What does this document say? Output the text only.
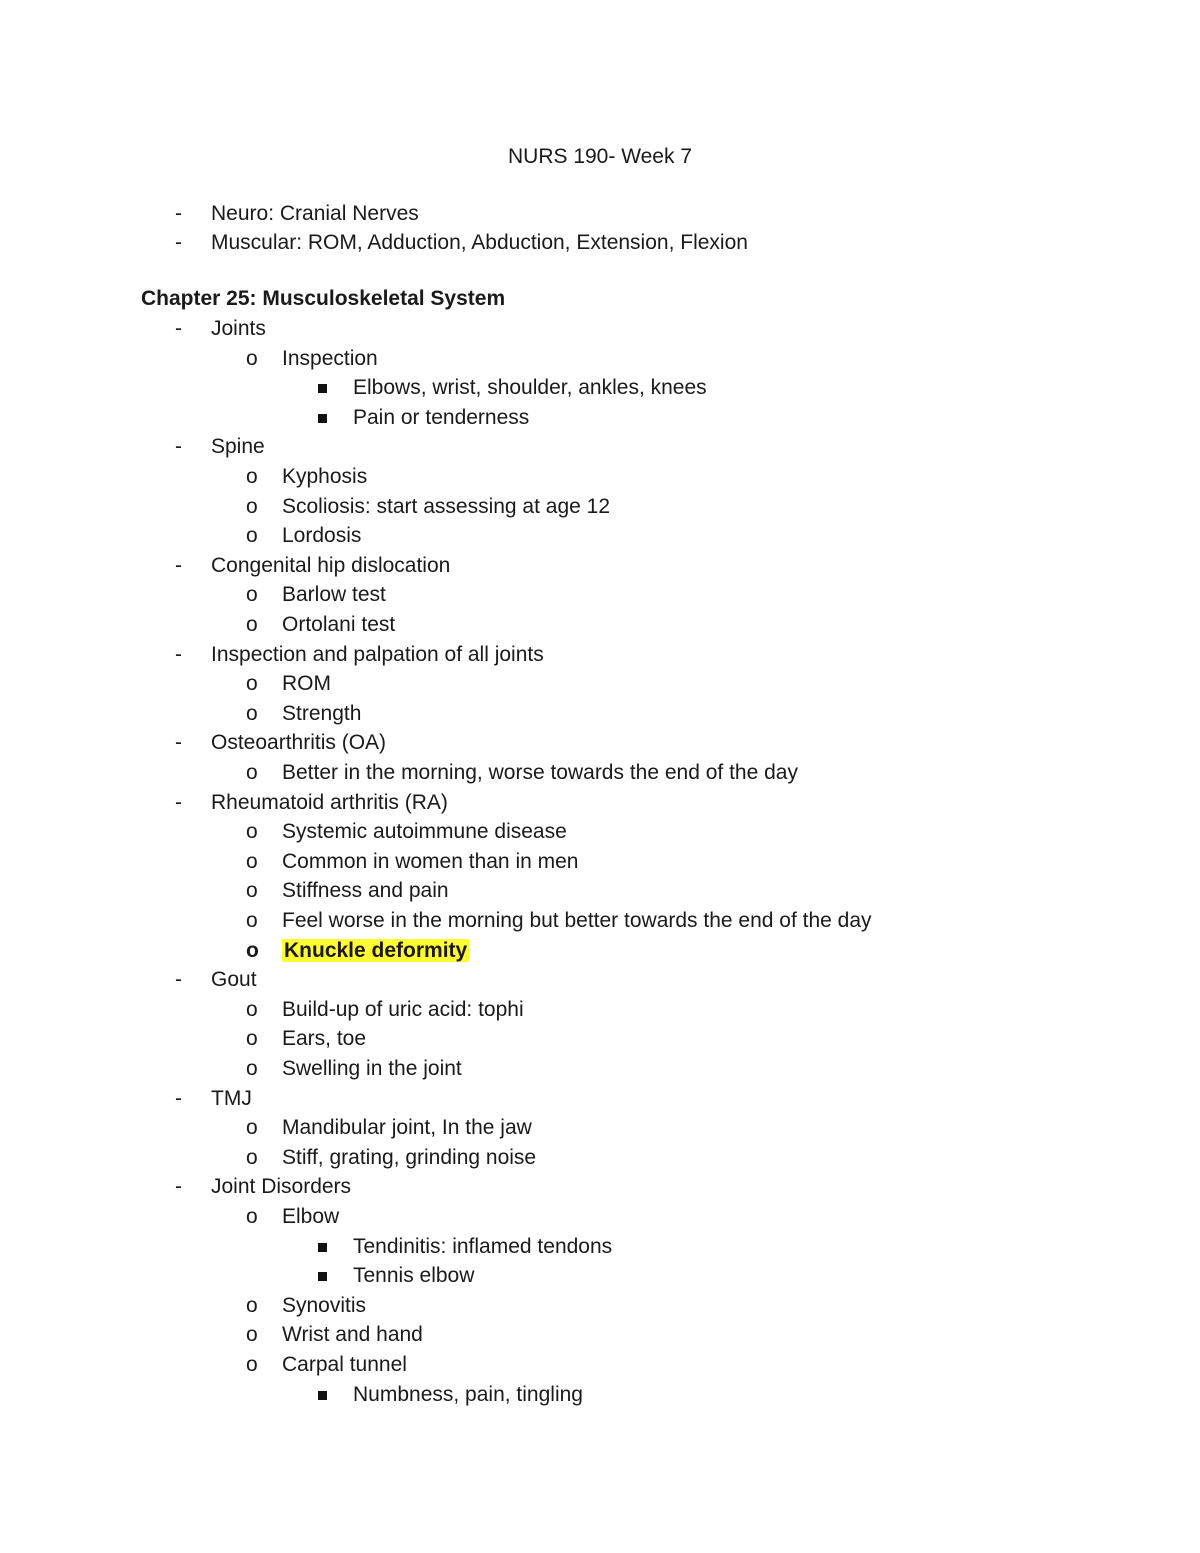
NURS 190- Week 7
-	Neuro: Cranial Nerves
-	Muscular: ROM, Adduction, Abduction, Extension, Flexion
Chapter 25: Musculoskeletal System
-	Joints
o	Inspection
Elbows, wrist, shoulder, ankles, knees
Pain or tenderness
-	Spine
o	Kyphosis
o	Scoliosis: start assessing at age 12
o	Lordosis
-	Congenital hip dislocation
o	Barlow test
o	Ortolani test
-	Inspection and palpation of all joints
o	ROM
o	Strength
-	Osteoarthritis (OA)
o	Better in the morning, worse towards the end of the day
-	Rheumatoid arthritis (RA)
o	Systemic autoimmune disease
o	Common in women than in men
o	Stiffness and pain
o	Feel worse in the morning but better towards the end of the day
o	Knuckle deformity
-	Gout
o	Build-up of uric acid: tophi
o	Ears, toe
o	Swelling in the joint
-	TMJ
o	Mandibular joint, In the jaw
o	Stiff, grating, grinding noise
-	Joint Disorders
o	Elbow
Tendinitis: inflamed tendons
Tennis elbow
o	Synovitis
o	Wrist and hand
o	Carpal tunnel
Numbness, pain, tingling
